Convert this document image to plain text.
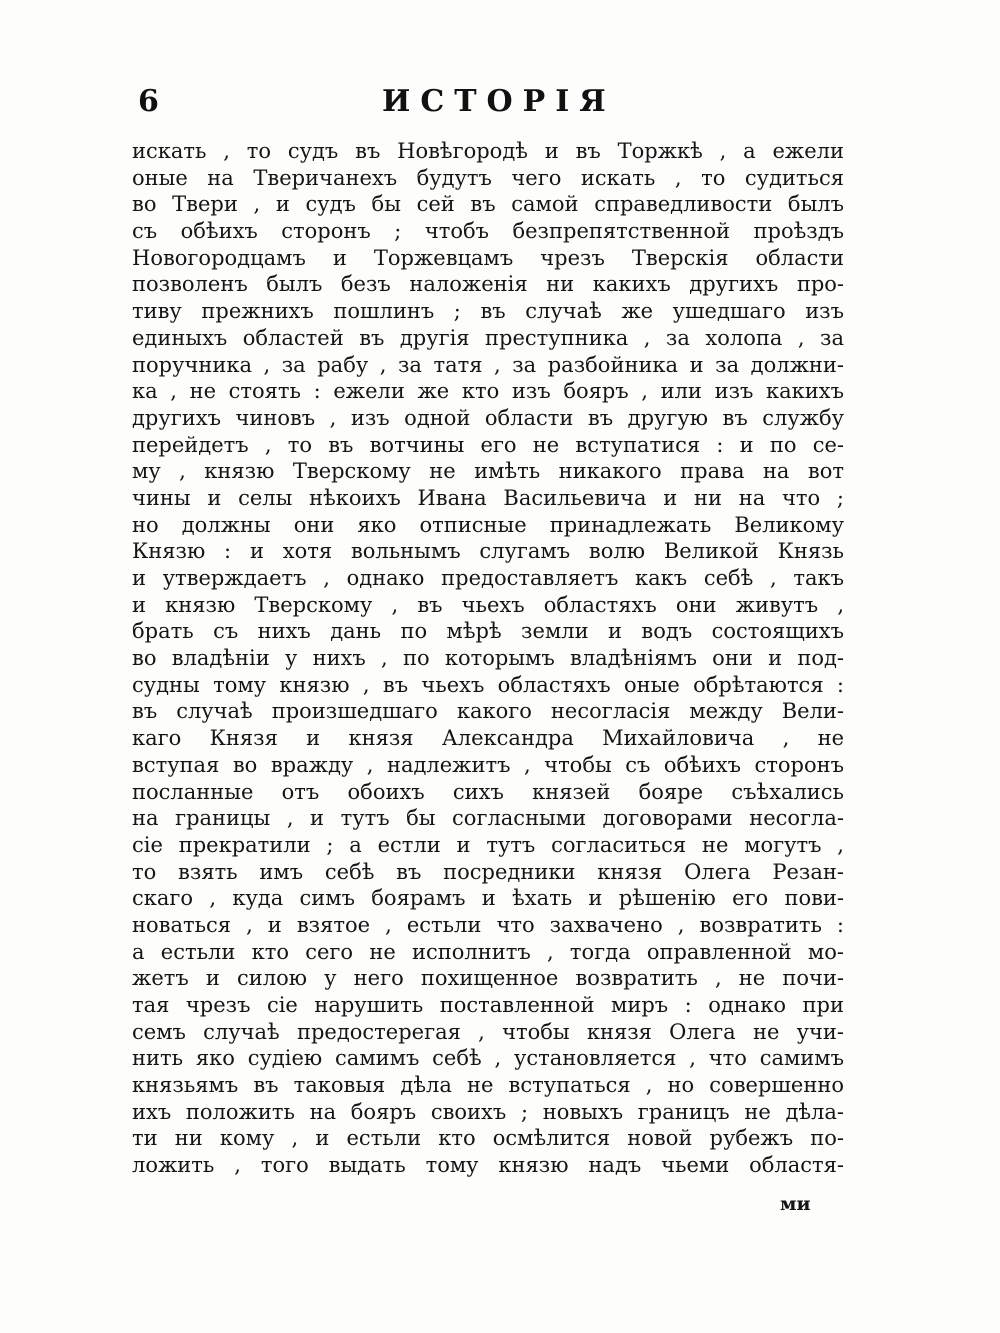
6	ИСТОРІЯ
искать , то судъ въ Новѣгородѣ и въ Торжкѣ , а ежели
оные на Тверичанехъ будутъ чего искать , то судиться
во Твери , и судъ бы сей въ самой справедливости былъ
съ обѣихъ сторонъ ; чтобъ безпрепятственной проѣздъ
Новогородцамъ и Торжевцамъ чрезъ Тверскія области
позволенъ былъ безъ наложенія ни какихъ другихъ про-
тиву прежнихъ пошлинъ ; въ случаѣ же ушедшаго изъ
единыхъ областей въ другія преступника , за холопа , за
поручника , за рабу , за татя , за разбойника и за должни-
ка , не стоять : ежели же кто изъ бояръ , или изъ какихъ
другихъ чиновъ , изъ одной области въ другую въ службу
перейдетъ , то въ вотчины его не вступатися : и по се-
му , князю Тверскому не имѣть никакого права на вот
чины и селы нѣкоихъ Ивана Васильевича и ни на что ;
но должны они яко отписные принадлежать Великому
Князю : и хотя вольнымъ слугамъ волю Великой Князь
и утверждаетъ , однако предоставляетъ какъ себѣ , такъ
и князю Тверскому , въ чьехъ областяхъ они живутъ ,
брать съ нихъ дань по мѣрѣ земли и водъ состоящихъ
во владѣніи у нихъ , по которымъ владѣніямъ они и под-
судны тому князю , въ чьехъ областяхъ оные обрѣтаются :
въ случаѣ произшедшаго какого несогласія между Вели-
каго Князя и князя Александра Михайловича , не
вступая во вражду , надлежитъ , чтобы съ обѣихъ сторонъ
посланные отъ обоихъ сихъ князей бояре съѣхались
на границы , и тутъ бы согласными договорами несогла-
сіе прекратили ; а естли и тутъ согласиться не могутъ ,
то взять имъ себѣ въ посредники князя Олега Резан-
скаго , куда симъ боярамъ и ѣхать и рѣшенію его пови-
новаться , и взятое , естьли что захвачено , возвратить :
а естьли кто сего не исполнитъ , тогда оправленной мо-
жетъ и силою у него похищенное возвратить , не почи-
тая чрезъ сіе нарушить поставленной миръ : однако при
семъ случаѣ предостерегая , чтобы князя Олега не учи-
нить яко судіею самимъ себѣ , установляется , что самимъ
князьямъ въ таковыя дѣла не вступаться , но совершенно
ихъ положить на бояръ своихъ ; новыхъ границъ не дѣла-
ти ни кому , и естьли кто осмѣлится новой рубежъ по-
ложить , того выдать тому князю надъ чьеми областя-
ми
